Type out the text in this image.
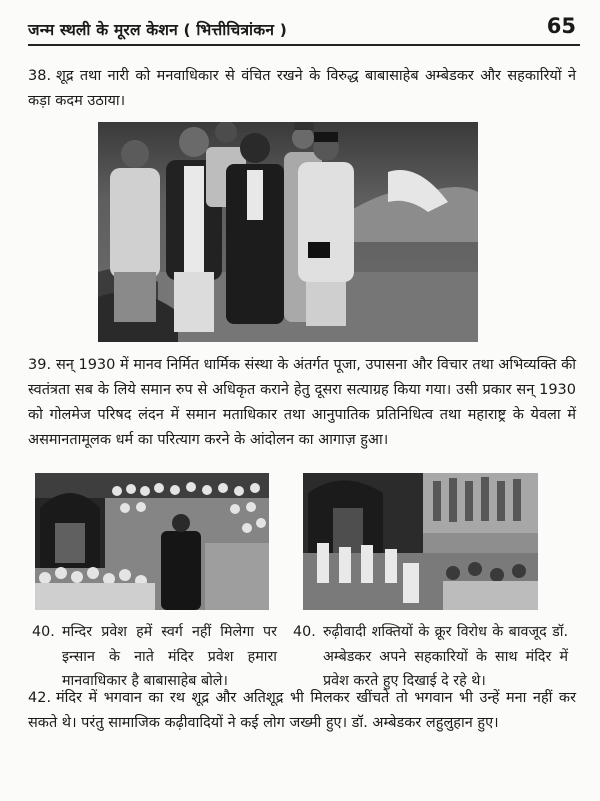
जन्म स्थली के मूरल केशन ( भित्तीचित्रांकन )	65

38. शूद्र तथा नारी को मनवाधिकार से वंचित रखने के विरुद्ध बाबासाहेब अम्बेडकर और सहकारियों ने कड़ा कदम उठाया।

39. सन् 1930 में मानव निर्मित धार्मिक संस्था के अंतर्गत पूजा, उपासना और विचार तथा अभिव्यक्ति की स्वतंत्रता सब के लिये समान रुप से अधिकृत कराने हेतु दूसरा सत्याग्रह किया गया। उसी प्रकार सन् 1930 को गोलमेज परिषद लंदन में समान मताधिकार तथा आनुपातिक प्रतिनिधित्व तथा महाराष्ट्र के येवला में असमानतामूलक धर्म का परित्याग करने के आंदोलन का आगाज़ हुआ।

40. मन्दिर प्रवेश हमें स्वर्ग नहीं मिलेगा पर इन्सान के नाते मंदिर प्रवेश हमारा मानवाधिकार है बाबासाहेब बोले।
40. रुढ़ीवादी शक्तियों के क्रूर विरोध के बावजूद डॉ. अम्बेडकर अपने सहकारियों के साथ मंदिर में प्रवेश करते हुए दिखाई दे रहे थे।

42. मंदिर में भगवान का रथ शूद्र और अतिशूद्र भी मिलकर खींचते तो भगवान भी उन्हें मना नहीं कर सकते थे। परंतु सामाजिक कढ़ीवादियों ने कई लोग जख्मी हुए। डॉ. अम्बेडकर लहुलुहान हुए।
